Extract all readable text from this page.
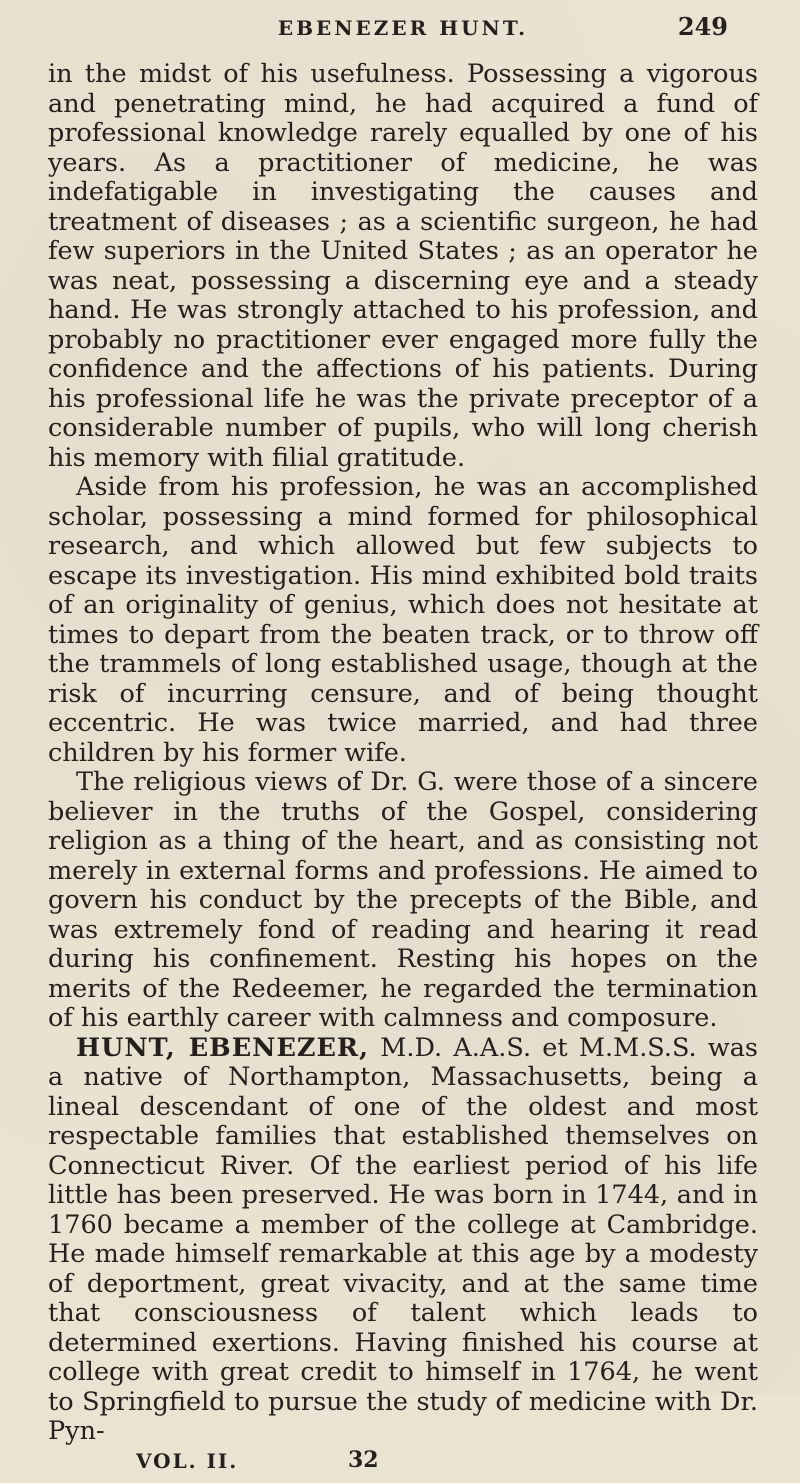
EBENEZER HUNT.	249

in the midst of his usefulness. Possessing a vigorous and penetrating mind, he had acquired a fund of professional knowledge rarely equalled by one of his years. As a practitioner of medicine, he was indefatigable in investigating the causes and treatment of diseases ; as a scientific surgeon, he had few superiors in the United States ; as an operator he was neat, possessing a discerning eye and a steady hand. He was strongly attached to his profession, and probably no practitioner ever engaged more fully the confidence and the affections of his patients. During his professional life he was the private preceptor of a considerable number of pupils, who will long cherish his memory with filial gratitude.

Aside from his profession, he was an accomplished scholar, possessing a mind formed for philosophical research, and which allowed but few subjects to escape its investigation. His mind exhibited bold traits of an originality of genius, which does not hesitate at times to depart from the beaten track, or to throw off the trammels of long established usage, though at the risk of incurring censure, and of being thought eccentric. He was twice married, and had three children by his former wife.

The religious views of Dr. G. were those of a sincere believer in the truths of the Gospel, considering religion as a thing of the heart, and as consisting not merely in external forms and professions. He aimed to govern his conduct by the precepts of the Bible, and was extremely fond of reading and hearing it read during his confinement. Resting his hopes on the merits of the Redeemer, he regarded the termination of his earthly career with calmness and composure.

HUNT, EBENEZER, M.D. A.A.S. et M.M.S.S. was a native of Northampton, Massachusetts, being a lineal descendant of one of the oldest and most respectable families that established themselves on Connecticut River. Of the earliest period of his life little has been preserved. He was born in 1744, and in 1760 became a member of the college at Cambridge. He made himself remarkable at this age by a modesty of deportment, great vivacity, and at the same time that consciousness of talent which leads to determined exertions. Having finished his course at college with great credit to himself in 1764, he went to Springfield to pursue the study of medicine with Dr. Pyn-

VOL. II.	32
